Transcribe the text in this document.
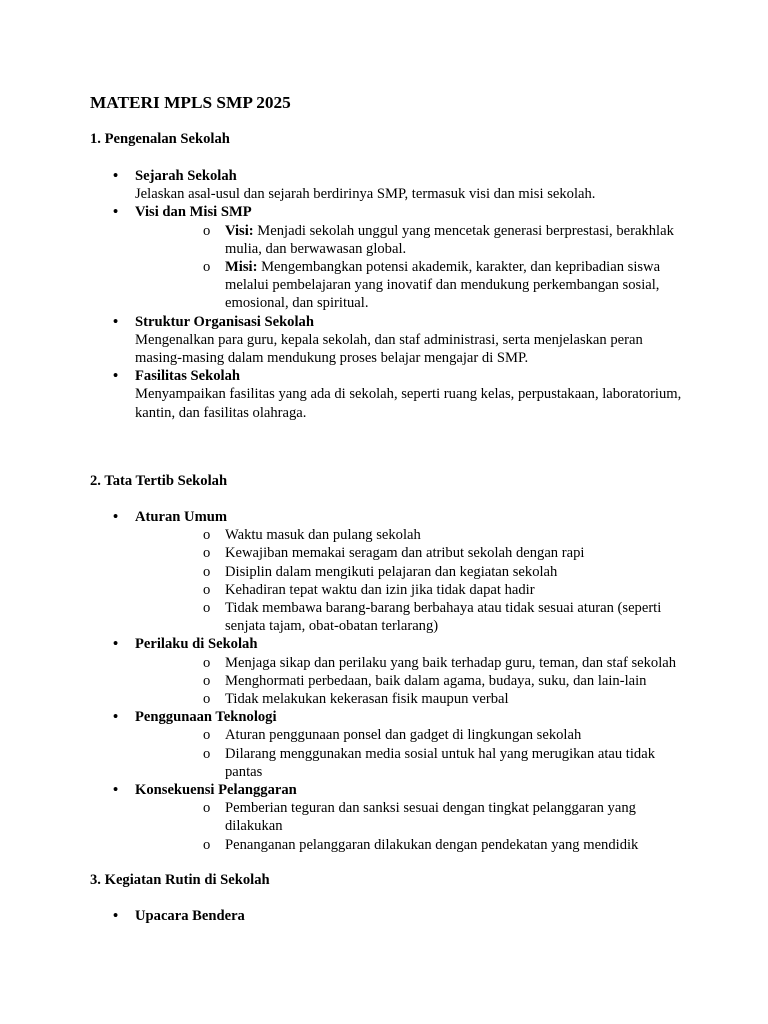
MATERI MPLS SMP 2025
1. Pengenalan Sekolah
• Sejarah Sekolah
Jelaskan asal-usul dan sejarah berdirinya SMP, termasuk visi dan misi sekolah.
• Visi dan Misi SMP
o Visi: Menjadi sekolah unggul yang mencetak generasi berprestasi, berakhlak mulia, dan berwawasan global.
o Misi: Mengembangkan potensi akademik, karakter, dan kepribadian siswa melalui pembelajaran yang inovatif dan mendukung perkembangan sosial, emosional, dan spiritual.
• Struktur Organisasi Sekolah
Mengenalkan para guru, kepala sekolah, dan staf administrasi, serta menjelaskan peran masing-masing dalam mendukung proses belajar mengajar di SMP.
• Fasilitas Sekolah
Menyampaikan fasilitas yang ada di sekolah, seperti ruang kelas, perpustakaan, laboratorium, kantin, dan fasilitas olahraga.
2. Tata Tertib Sekolah
• Aturan Umum
o Waktu masuk dan pulang sekolah
o Kewajiban memakai seragam dan atribut sekolah dengan rapi
o Disiplin dalam mengikuti pelajaran dan kegiatan sekolah
o Kehadiran tepat waktu dan izin jika tidak dapat hadir
o Tidak membawa barang-barang berbahaya atau tidak sesuai aturan (seperti senjata tajam, obat-obatan terlarang)
• Perilaku di Sekolah
o Menjaga sikap dan perilaku yang baik terhadap guru, teman, dan staf sekolah
o Menghormati perbedaan, baik dalam agama, budaya, suku, dan lain-lain
o Tidak melakukan kekerasan fisik maupun verbal
• Penggunaan Teknologi
o Aturan penggunaan ponsel dan gadget di lingkungan sekolah
o Dilarang menggunakan media sosial untuk hal yang merugikan atau tidak pantas
• Konsekuensi Pelanggaran
o Pemberian teguran dan sanksi sesuai dengan tingkat pelanggaran yang dilakukan
o Penanganan pelanggaran dilakukan dengan pendekatan yang mendidik
3. Kegiatan Rutin di Sekolah
• Upacara Bendera
